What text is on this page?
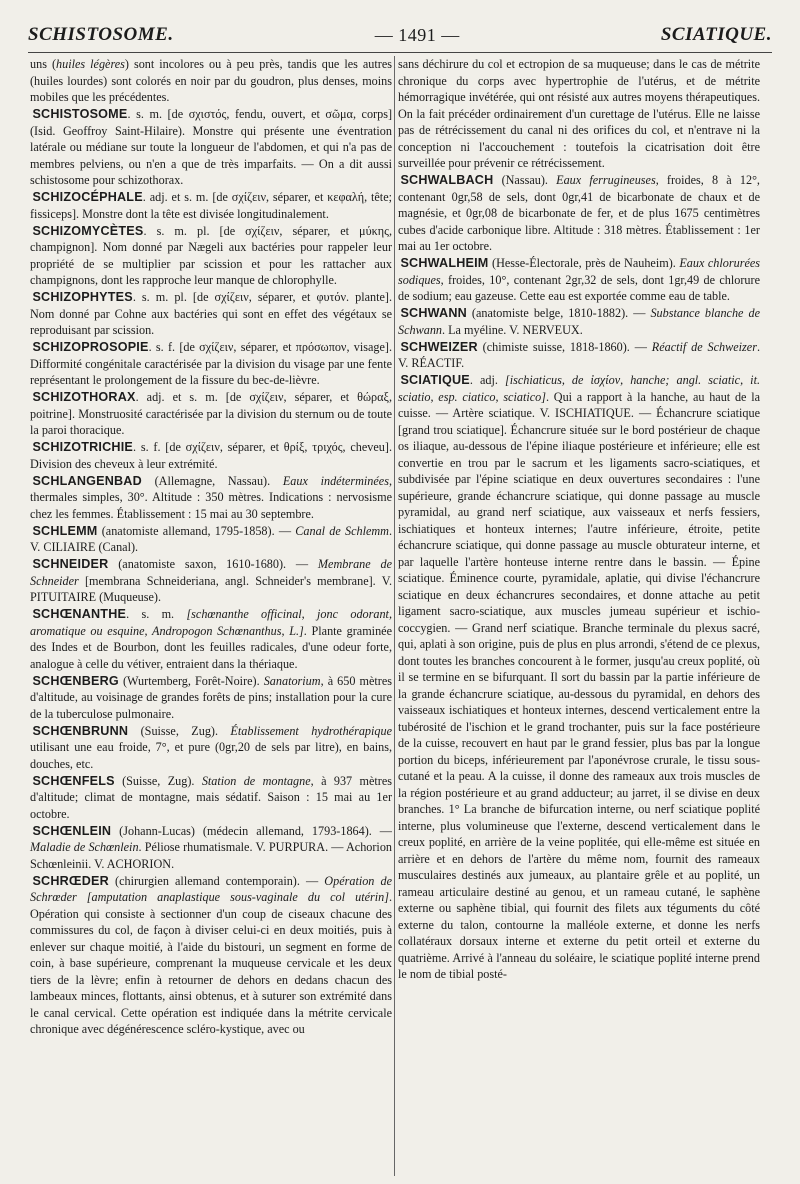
SCHISTOSOME.	— 1491 —	SCIATIQUE.

uns (huiles légères) sont incolores ou à peu près, tandis que les autres (huiles lourdes) sont colorés en noir par du goudron, plus denses, moins mobiles que les précédentes.

SCHISTOSOME. s. m. [de σχιστός, fendu, ouvert, et σῶμα, corps] (Isid. Geoffroy Saint-Hilaire). Monstre qui présente une éventration latérale ou médiane sur toute la longueur de l'abdomen, et qui n'a pas de membres pelviens, ou n'en a que de très imparfaits. — On a dit aussi schistosome pour schizothorax.

SCHIZOCÉPHALE. adj. et s. m. [de σχίζειν, séparer, et κεφαλή, tête; fissiceps]. Monstre dont la tête est divisée longitudinalement.

SCHIZOMYCÈTES. s. m. pl. [de σχίζειν, séparer, et μύκης, champignon]. Nom donné par Nægeli aux bactéries pour rappeler leur propriété de se multiplier par scission et pour les rattacher aux champignons, dont les rapproche leur manque de chlorophylle.

SCHIZOPHYTES. s. m. pl. [de σχίζειν, séparer, et φυτόν. plante]. Nom donné par Cohne aux bactéries qui sont en effet des végétaux se reproduisant par scission.

SCHIZOPROSOPIE. s. f. [de σχίζειν, séparer, et πρόσωπον, visage]. Difformité congénitale caractérisée par la division du visage par une fente représentant le prolongement de la fissure du bec-de-lièvre.

SCHIZOTHORAX. adj. et s. m. [de σχίζειν, séparer, et θώραξ, poitrine]. Monstruosité caractérisée par la division du sternum ou de toute la paroi thoracique.

SCHIZOTRICHIE. s. f. [de σχίζειν, séparer, et θρίξ, τριχός, cheveu]. Division des cheveux à leur extrémité.

SCHLANGENBAD (Allemagne, Nassau). Eaux indéterminées, thermales simples, 30°. Altitude : 350 mètres. Indications : nervosisme chez les femmes. Établissement : 15 mai au 30 septembre.

SCHLEMM (anatomiste allemand, 1795-1858). — Canal de Schlemm. V. CILIAIRE (Canal).

SCHNEIDER (anatomiste saxon, 1610-1680). — Membrane de Schneider [membrana Schneideriana, angl. Schneider's membrane]. V. PITUITAIRE (Muqueuse).

SCHŒNANTHE. s. m. [schœnanthe officinal, jonc odorant, aromatique ou esquine, Andropogon Schœnanthus, L.]. Plante graminée des Indes et de Bourbon, dont les feuilles radicales, d'une odeur forte, analogue à celle du vétiver, entraient dans la thériaque.

SCHŒNBERG (Wurtemberg, Forêt-Noire). Sanatorium, à 650 mètres d'altitude, au voisinage de grandes forêts de pins; installation pour la cure de la tuberculose pulmonaire.

SCHŒNBRUNN (Suisse, Zug). Établissement hydrothérapique utilisant une eau froide, 7°, et pure (0gr,20 de sels par litre), en bains, douches, etc.

SCHŒNFELS (Suisse, Zug). Station de montagne, à 937 mètres d'altitude; climat de montagne, mais sédatif. Saison : 15 mai au 1er octobre.

SCHŒNLEIN (Johann-Lucas) (médecin allemand, 1793-1864). — Maladie de Schœnlein. Péliose rhumatismale. V. PURPURA. — Achorion Schœnleinii. V. ACHORION.

SCHRŒDER (chirurgien allemand contemporain). — Opération de Schrœder [amputation anaplastique sous-vaginale du col utérin]. Opération qui consiste à sectionner d'un coup de ciseaux chacune des commissures du col, de façon à diviser celui-ci en deux moitiés, puis à enlever sur chaque moitié, à l'aide du bistouri, un segment en forme de coin, à base supérieure, comprenant la muqueuse cervicale et les deux tiers de la lèvre; enfin à retourner de dehors en dedans chacun des lambeaux minces, flottants, ainsi obtenus, et à suturer son extrémité dans le canal cervical. Cette opération est indiquée dans la métrite cervicale chronique avec dégénérescence scléro-kystique, avec ou

sans déchirure du col et ectropion de sa muqueuse; dans le cas de métrite chronique du corps avec hypertrophie de l'utérus, et de métrite hémorragique invétérée, qui ont résisté aux autres moyens thérapeutiques. On la fait précéder ordinairement d'un curettage de l'utérus. Elle ne laisse pas de rétrécissement du canal ni des orifices du col, et n'entrave ni la conception ni l'accouchement : toutefois la cicatrisation doit être surveillée pour prévenir ce rétrécissement.

SCHWALBACH (Nassau). Eaux ferrugineuses, froides, 8 à 12°, contenant 0gr,58 de sels, dont 0gr,41 de bicarbonate de chaux et de magnésie, et 0gr,08 de bicarbonate de fer, et de plus 1675 centimètres cubes d'acide carbonique libre. Altitude : 318 mètres. Établissement : 1er mai au 1er octobre.

SCHWALHEIM (Hesse-Électorale, près de Nauheim). Eaux chlorurées sodiques, froides, 10°, contenant 2gr,32 de sels, dont 1gr,49 de chlorure de sodium; eau gazeuse. Cette eau est exportée comme eau de table.

SCHWANN (anatomiste belge, 1810-1882). — Substance blanche de Schwann. La myéline. V. NERVEUX.

SCHWEIZER (chimiste suisse, 1818-1860). — Réactif de Schweizer. V. RÉACTIF.

SCIATIQUE. adj. [ischiaticus, de ἰσχίον, hanche; angl. sciatic, it. sciatio, esp. ciatico, sciatico]. Qui a rapport à la hanche, au haut de la cuisse. — Artère sciatique. V. ISCHIATIQUE. — Échancrure sciatique [grand trou sciatique]. Échancrure située sur le bord postérieur de chaque os iliaque, au-dessous de l'épine iliaque postérieure et inférieure; elle est convertie en trou par le sacrum et les ligaments sacro-sciatiques, et subdivisée par l'épine sciatique en deux ouvertures secondaires : l'une supérieure, grande échancrure sciatique, qui donne passage au muscle pyramidal, au grand nerf sciatique, aux vaisseaux et nerfs fessiers, ischiatiques et honteux internes; l'autre inférieure, étroite, petite échancrure sciatique, qui donne passage au muscle obturateur interne, et par laquelle l'artère honteuse interne rentre dans le bassin. — Épine sciatique. Éminence courte, pyramidale, aplatie, qui divise l'échancrure sciatique en deux échancrures secondaires, et donne attache au petit ligament sacro-sciatique, aux muscles jumeau supérieur et ischio-coccygien. — Grand nerf sciatique. Branche terminale du plexus sacré, qui, aplati à son origine, puis de plus en plus arrondi, s'étend de ce plexus, dont toutes les branches concourent à le former, jusqu'au creux poplité, où il se termine en se bifurquant. Il sort du bassin par la partie inférieure de la grande échancrure sciatique, au-dessous du pyramidal, en dehors des vaisseaux ischiatiques et honteux internes, descend verticalement entre la tubérosité de l'ischion et le grand trochanter, puis sur la face postérieure de la cuisse, recouvert en haut par le grand fessier, plus bas par la longue portion du biceps, inférieurement par l'aponévrose crurale, le tissu sous-cutané et la peau. A la cuisse, il donne des rameaux aux trois muscles de la région postérieure et au grand adducteur; au jarret, il se divise en deux branches. 1° La branche de bifurcation interne, ou nerf sciatique poplité interne, plus volumineuse que l'externe, descend verticalement dans le creux poplité, en arrière de la veine poplitée, qui elle-même est située en arrière et en dehors de l'artère du même nom, fournit des rameaux musculaires destinés aux jumeaux, au plantaire grêle et au poplité, un rameau articulaire destiné au genou, et un rameau cutané, le saphène externe ou saphène tibial, qui fournit des filets aux téguments du côté externe du talon, contourne la malléole externe, et donne les nerfs collatéraux dorsaux interne et externe du petit orteil et externe du quatrième. Arrivé à l'anneau du soléaire, le sciatique poplité interne prend le nom de tibial posté-
